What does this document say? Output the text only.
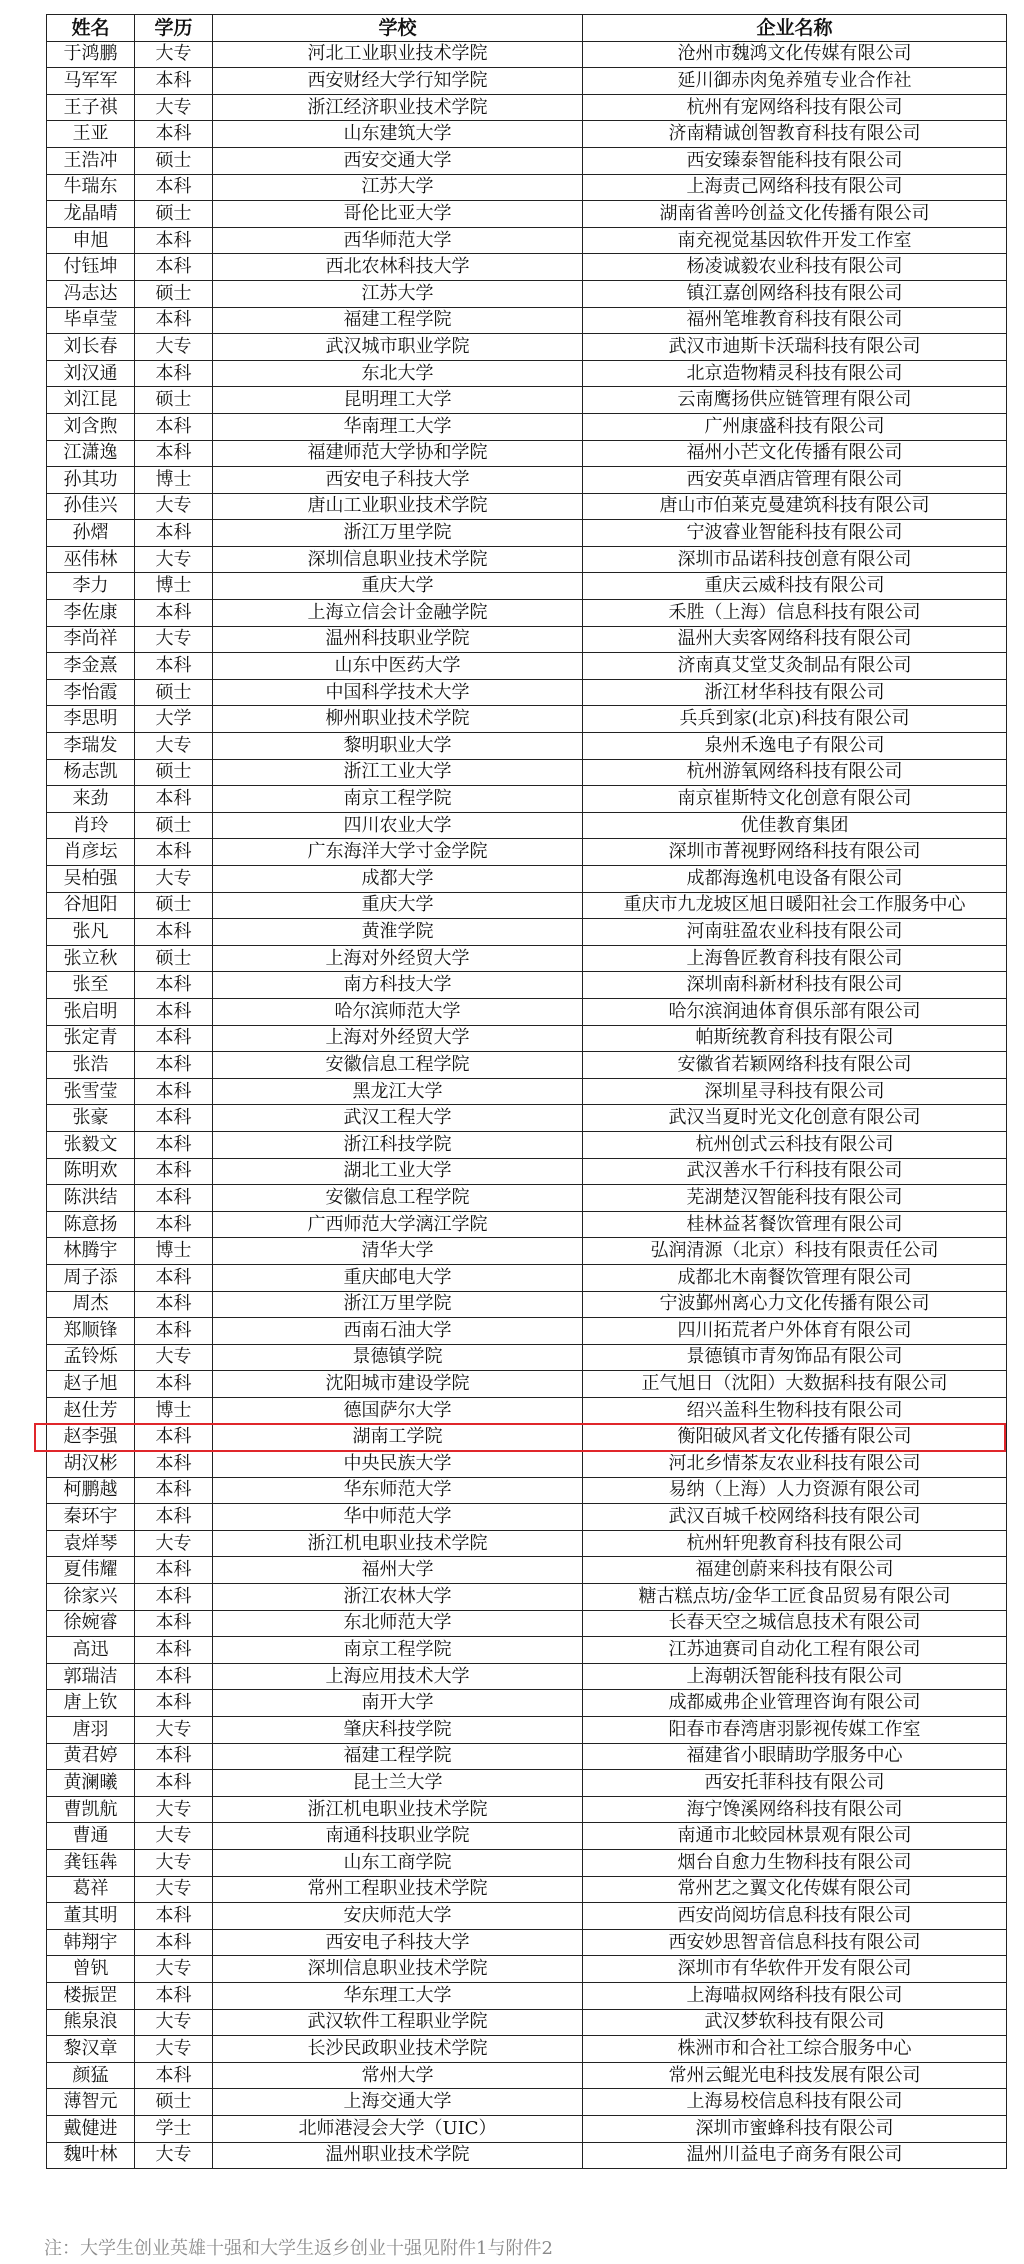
姓名	学历	学校	企业名称
于鸿鹏	大专	河北工业职业技术学院	沧州市魏鸿文化传媒有限公司
马军军	本科	西安财经大学行知学院	延川御赤肉兔养殖专业合作社
王子祺	大专	浙江经济职业技术学院	杭州有宠网络科技有限公司
王亚	本科	山东建筑大学	济南精诚创智教育科技有限公司
王浩冲	硕士	西安交通大学	西安臻泰智能科技有限公司
牛瑞东	本科	江苏大学	上海责己网络科技有限公司
龙晶晴	硕士	哥伦比亚大学	湖南省善吟创益文化传播有限公司
申旭	本科	西华师范大学	南充视觉基因软件开发工作室
付钰坤	本科	西北农林科技大学	杨凌诚毅农业科技有限公司
冯志达	硕士	江苏大学	镇江嘉创网络科技有限公司
毕卓莹	本科	福建工程学院	福州笔堆教育科技有限公司
刘长春	大专	武汉城市职业学院	武汉市迪斯卡沃瑞科技有限公司
刘汉通	本科	东北大学	北京造物精灵科技有限公司
刘江昆	硕士	昆明理工大学	云南鹰扬供应链管理有限公司
刘含煦	本科	华南理工大学	广州康盛科技有限公司
江潇逸	本科	福建师范大学协和学院	福州小芒文化传播有限公司
孙其功	博士	西安电子科技大学	西安英卓酒店管理有限公司
孙佳兴	大专	唐山工业职业技术学院	唐山市伯莱克曼建筑科技有限公司
孙熠	本科	浙江万里学院	宁波睿业智能科技有限公司
巫伟林	大专	深圳信息职业技术学院	深圳市品诺科技创意有限公司
李力	博士	重庆大学	重庆云威科技有限公司
李佐康	本科	上海立信会计金融学院	禾胜（上海）信息科技有限公司
李尚祥	大专	温州科技职业学院	温州大卖客网络科技有限公司
李金熹	本科	山东中医药大学	济南真艾堂艾灸制品有限公司
李怡霞	硕士	中国科学技术大学	浙江材华科技有限公司
李思明	大学	柳州职业技术学院	兵兵到家(北京)科技有限公司
李瑞发	大专	黎明职业大学	泉州禾逸电子有限公司
杨志凯	硕士	浙江工业大学	杭州游氧网络科技有限公司
来劲	本科	南京工程学院	南京崔斯特文化创意有限公司
肖玲	硕士	四川农业大学	优佳教育集团
肖彦坛	本科	广东海洋大学寸金学院	深圳市菁视野网络科技有限公司
吴柏强	大专	成都大学	成都海逸机电设备有限公司
谷旭阳	硕士	重庆大学	重庆市九龙坡区旭日暖阳社会工作服务中心
张凡	本科	黄淮学院	河南驻盈农业科技有限公司
张立秋	硕士	上海对外经贸大学	上海鲁匠教育科技有限公司
张至	本科	南方科技大学	深圳南科新材科技有限公司
张启明	本科	哈尔滨师范大学	哈尔滨润迪体育俱乐部有限公司
张定青	本科	上海对外经贸大学	帕斯统教育科技有限公司
张浩	本科	安徽信息工程学院	安徽省若颖网络科技有限公司
张雪莹	本科	黑龙江大学	深圳星寻科技有限公司
张豪	本科	武汉工程大学	武汉当夏时光文化创意有限公司
张毅文	本科	浙江科技学院	杭州创式云科技有限公司
陈明欢	本科	湖北工业大学	武汉善水千行科技有限公司
陈洪结	本科	安徽信息工程学院	芜湖楚汉智能科技有限公司
陈意扬	本科	广西师范大学漓江学院	桂林益茗餐饮管理有限公司
林腾宇	博士	清华大学	弘润清源（北京）科技有限责任公司
周子添	本科	重庆邮电大学	成都北木南餐饮管理有限公司
周杰	本科	浙江万里学院	宁波鄞州离心力文化传播有限公司
郑顺锋	本科	西南石油大学	四川拓荒者户外体育有限公司
孟铃烁	大专	景德镇学院	景德镇市青匆饰品有限公司
赵子旭	本科	沈阳城市建设学院	正气旭日（沈阳）大数据科技有限公司
赵仕芳	博士	德国萨尔大学	绍兴盖科生物科技有限公司
赵李强	本科	湖南工学院	衡阳破风者文化传播有限公司
胡汉彬	本科	中央民族大学	河北乡情茶友农业科技有限公司
柯鹏越	本科	华东师范大学	易纳（上海）人力资源有限公司
秦环宇	本科	华中师范大学	武汉百城千校网络科技有限公司
袁烊琴	大专	浙江机电职业技术学院	杭州轩兜教育科技有限公司
夏伟耀	本科	福州大学	福建创蔚来科技有限公司
徐家兴	本科	浙江农林大学	糖古糕点坊/金华工匠食品贸易有限公司
徐婉睿	本科	东北师范大学	长春天空之城信息技术有限公司
高迅	本科	南京工程学院	江苏迪赛司自动化工程有限公司
郭瑞洁	本科	上海应用技术大学	上海朝沃智能科技有限公司
唐上钦	本科	南开大学	成都威弗企业管理咨询有限公司
唐羽	大专	肇庆科技学院	阳春市春湾唐羽影视传媒工作室
黄君婷	本科	福建工程学院	福建省小眼睛助学服务中心
黄澜曦	本科	昆士兰大学	西安托菲科技有限公司
曹凯航	大专	浙江机电职业技术学院	海宁馋溪网络科技有限公司
曹通	大专	南通科技职业学院	南通市北蛟园林景观有限公司
龚钰犇	大专	山东工商学院	烟台自愈力生物科技有限公司
葛祥	大专	常州工程职业技术学院	常州艺之翼文化传媒有限公司
董其明	本科	安庆师范大学	西安尚阅坊信息科技有限公司
韩翔宇	本科	西安电子科技大学	西安妙思智音信息科技有限公司
曾钒	大专	深圳信息职业技术学院	深圳市有华软件开发有限公司
楼振罡	本科	华东理工大学	上海喵叔网络科技有限公司
熊泉浪	大专	武汉软件工程职业学院	武汉梦软科技有限公司
黎汉章	大专	长沙民政职业技术学院	株洲市和合社工综合服务中心
颜猛	本科	常州大学	常州云鲲光电科技发展有限公司
薄智元	硕士	上海交通大学	上海易校信息科技有限公司
戴健进	学士	北师港浸会大学（UIC）	深圳市蜜蜂科技有限公司
魏叶林	大专	温州职业技术学院	温州川益电子商务有限公司
注：大学生创业英雄十强和大学生返乡创业十强见附件1与附件2
